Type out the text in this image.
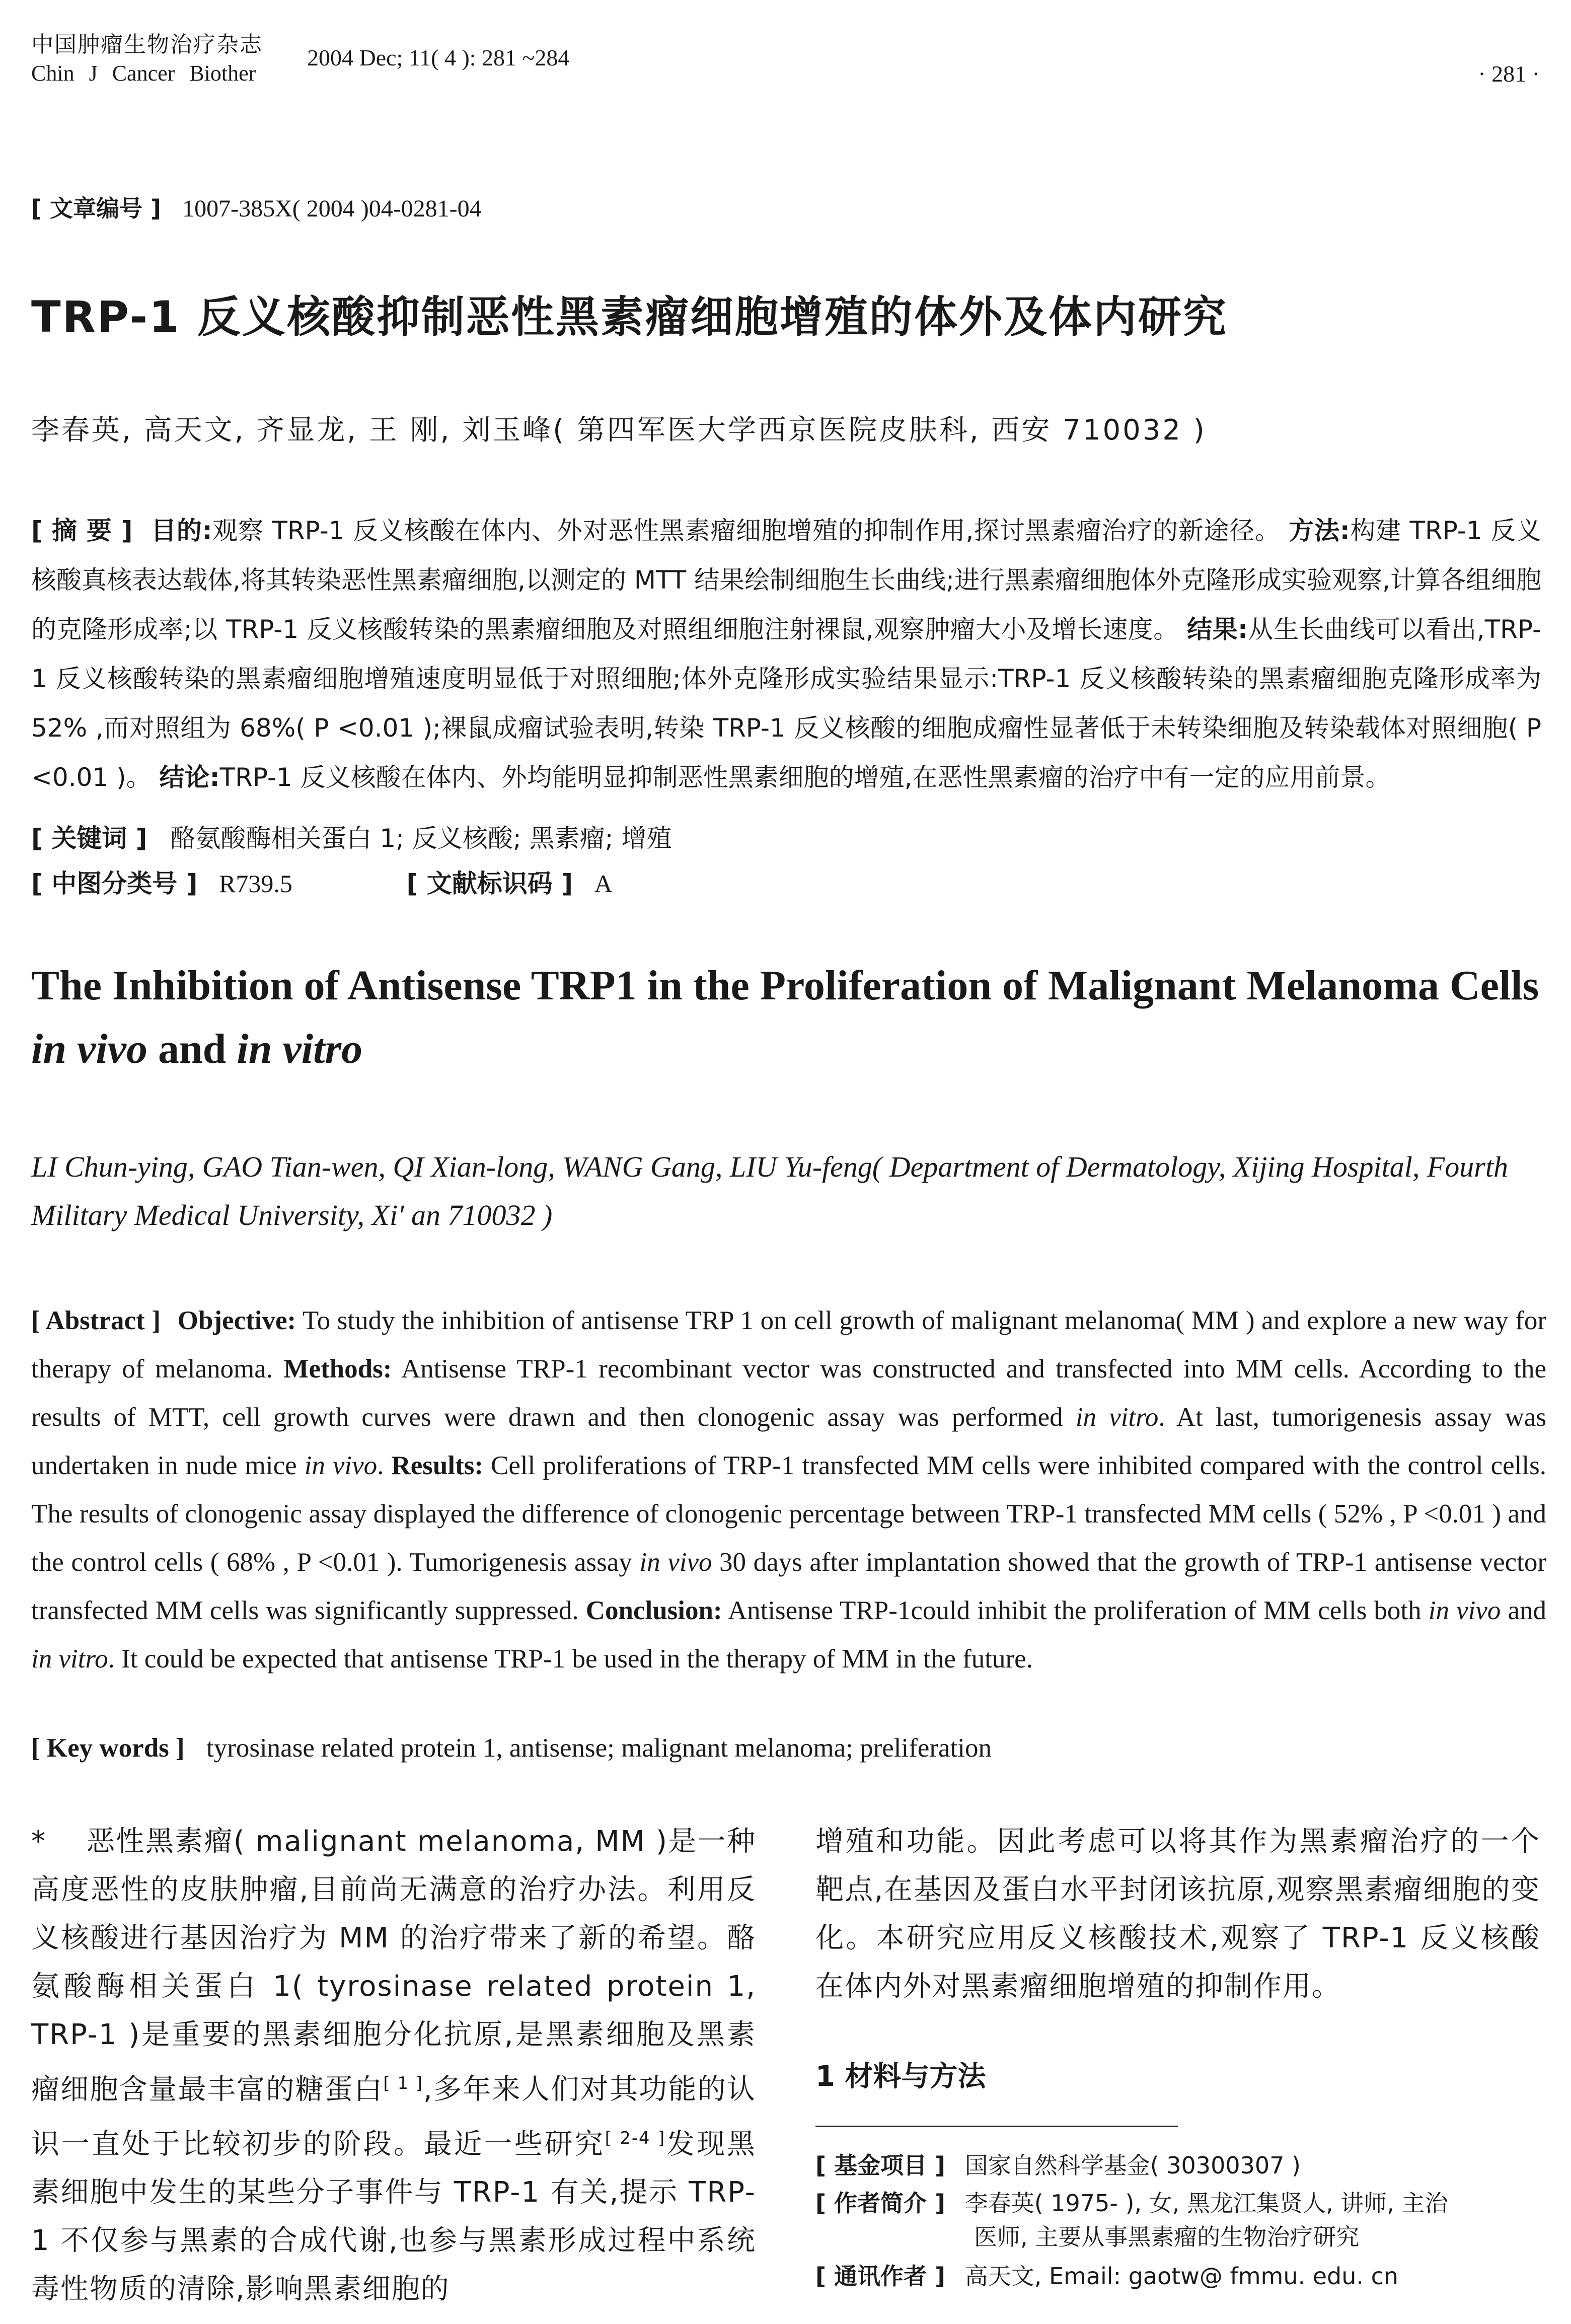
中国肿瘤生物治疗杂志
Chin J Cancer Biother
2004 Dec; 11( 4 ): 281 ~284
· 281 ·
[ 文章编号 ] 1007-385X( 2004 )04-0281-04
TRP-1 反义核酸抑制恶性黑素瘤细胞增殖的体外及体内研究
李春英, 高天文, 齐显龙, 王 刚, 刘玉峰( 第四军医大学西京医院皮肤科, 西安 710032 )
[ 摘 要 ] 目的:观察 TRP-1 反义核酸在体内、外对恶性黑素瘤细胞增殖的抑制作用,探讨黑素瘤治疗的新途径。 方法:构建 TRP-1 反义核酸真核表达载体,将其转染恶性黑素瘤细胞,以测定的 MTT 结果绘制细胞生长曲线;进行黑素瘤细胞体外克隆形成实验观察,计算各组细胞的克隆形成率;以 TRP-1 反义核酸转染的黑素瘤细胞及对照组细胞注射裸鼠,观察肿瘤大小及增长速度。 结果:从生长曲线可以看出,TRP-1 反义核酸转染的黑素瘤细胞增殖速度明显低于对照细胞;体外克隆形成实验结果显示:TRP-1 反义核酸转染的黑素瘤细胞克隆形成率为 52% ,而对照组为 68%( P <0.01 );裸鼠成瘤试验表明,转染 TRP-1 反义核酸的细胞成瘤性显著低于未转染细胞及转染载体对照细胞( P <0.01 )。 结论:TRP-1 反义核酸在体内、外均能明显抑制恶性黑素细胞的增殖,在恶性黑素瘤的治疗中有一定的应用前景。
[ 关键词 ] 酪氨酸酶相关蛋白 1; 反义核酸; 黑素瘤; 增殖
[ 中图分类号 ] R739.5	[ 文献标识码 ] A
The Inhibition of Antisense TRP1 in the Proliferation of Malignant Melanoma Cells in vivo and in vitro
LI Chun-ying, GAO Tian-wen, QI Xian-long, WANG Gang, LIU Yu-feng( Department of Dermatology, Xijing Hospital, Fourth Military Medical University, Xi' an 710032 )
[ Abstract ] Objective: To study the inhibition of antisense TRP 1 on cell growth of malignant melanoma( MM ) and explore a new way for therapy of melanoma. Methods: Antisense TRP-1 recombinant vector was constructed and transfected into MM cells. According to the results of MTT, cell growth curves were drawn and then clonogenic assay was performed in vitro. At last, tumorigenesis assay was undertaken in nude mice in vivo. Results: Cell proliferations of TRP-1 transfected MM cells were inhibited compared with the control cells. The results of clonogenic assay displayed the difference of clonogenic percentage between TRP-1 transfected MM cells ( 52% , P <0.01 ) and the control cells ( 68% , P <0.01 ). Tumorigenesis assay in vivo 30 days after implantation showed that the growth of TRP-1 antisense vector transfected MM cells was significantly suppressed. Conclusion: Antisense TRP-1could inhibit the proliferation of MM cells both in vivo and in vitro. It could be expected that antisense TRP-1 be used in the therapy of MM in the future.
[ Key words ] tyrosinase related protein 1, antisense; malignant melanoma; preliferation
* 恶性黑素瘤( malignant melanoma, MM )是一种高度恶性的皮肤肿瘤,目前尚无满意的治疗办法。利用反义核酸进行基因治疗为 MM 的治疗带来了新的希望。酪氨酸酶相关蛋白 1( tyrosinase related protein 1, TRP-1 )是重要的黑素细胞分化抗原,是黑素细胞及黑素瘤细胞含量最丰富的糖蛋白[ 1 ],多年来人们对其功能的认识一直处于比较初步的阶段。最近一些研究[ 2-4 ]发现黑素细胞中发生的某些分子事件与 TRP-1 有关,提示 TRP-1 不仅参与黑素的合成代谢,也参与黑素形成过程中系统毒性物质的清除,影响黑素细胞的
增殖和功能。因此考虑可以将其作为黑素瘤治疗的一个靶点,在基因及蛋白水平封闭该抗原,观察黑素瘤细胞的变化。本研究应用反义核酸技术,观察了 TRP-1 反义核酸在体内外对黑素瘤细胞增殖的抑制作用。
1 材料与方法
[ 基金项目 ] 国家自然科学基金( 30300307 )
[ 作者简介 ] 李春英( 1975- ), 女, 黑龙江集贤人, 讲师, 主治
医师, 主要从事黑素瘤的生物治疗研究
[ 通讯作者 ] 高天文, Email: gaotw@ fmmu. edu. cn
